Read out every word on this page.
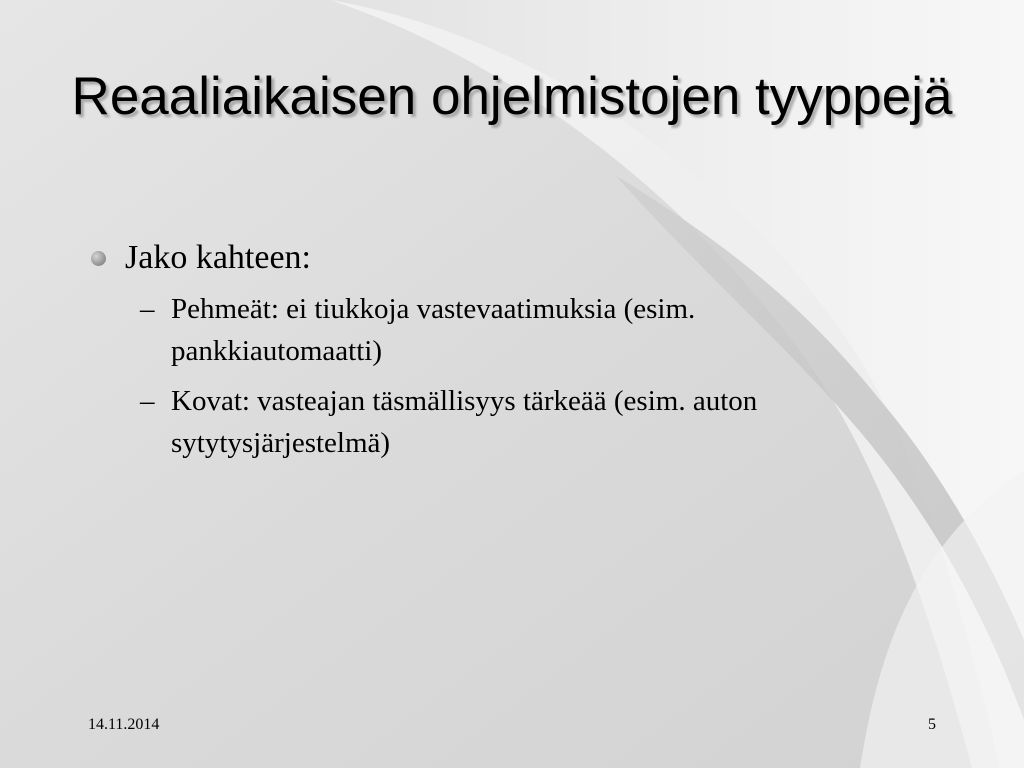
Reaaliaikaisen ohjelmistojen tyyppejä
Jako kahteen:
– Pehmeät: ei tiukkoja vastevaatimuksia (esim. pankkiautomaatti)
– Kovat: vasteajan täsmällisyys tärkeää (esim. auton sytytysjärjestelmä)
14.11.2014	5
